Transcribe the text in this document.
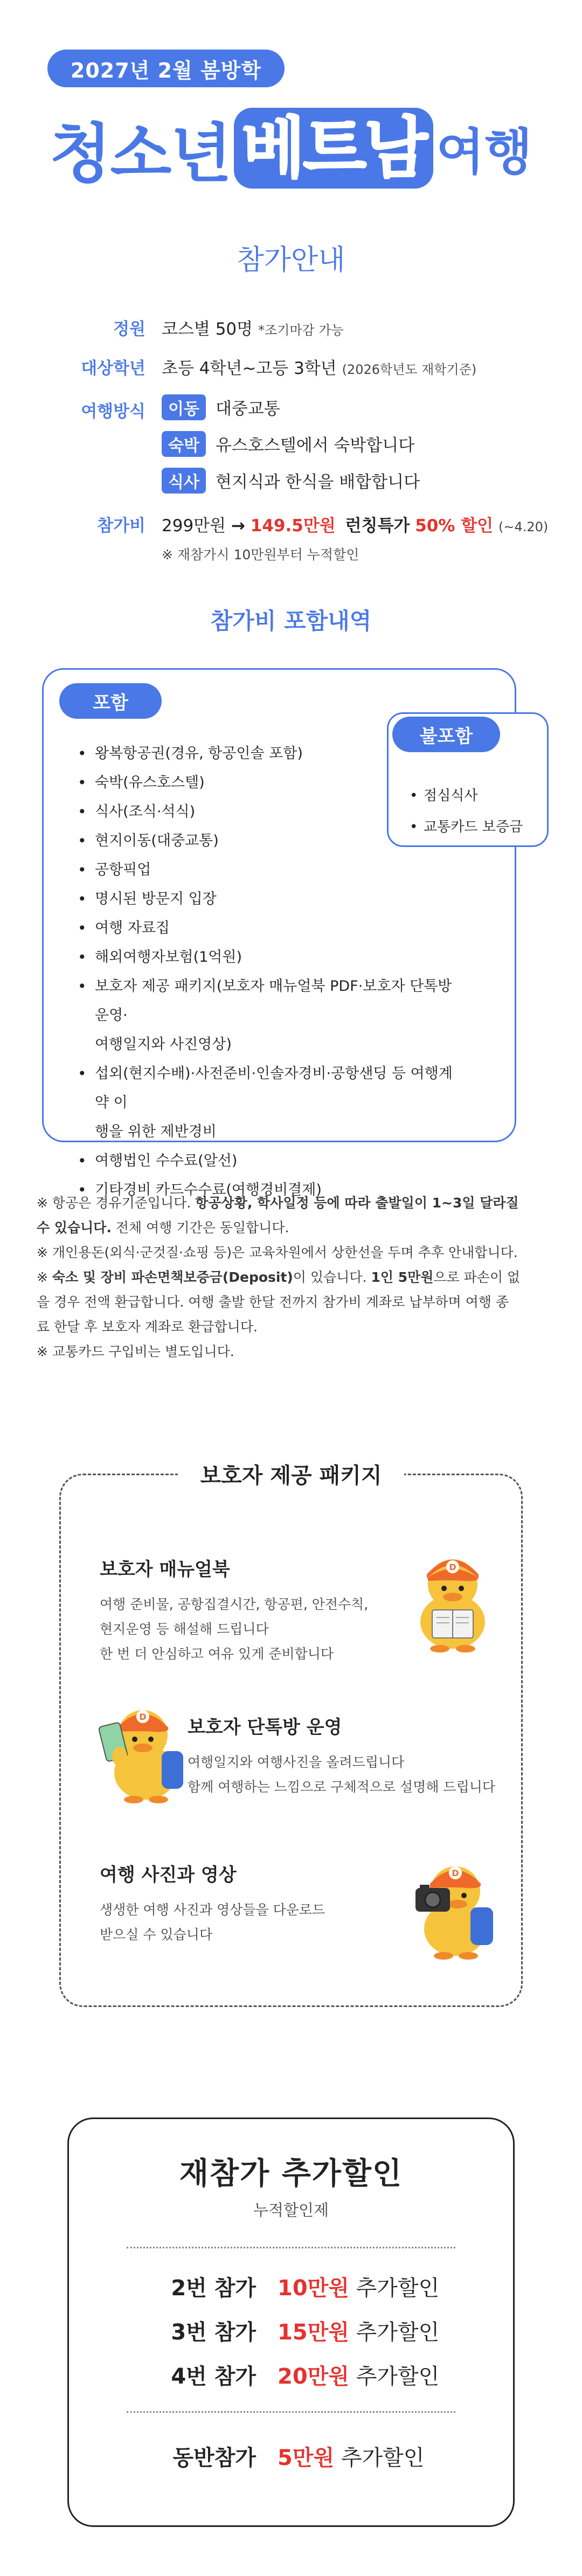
2027년 2월 봄방학
청소년 베트남 여행
참가안내
정원 코스별 50명 *조기마감 가능
대상학년 초등 4학년~고등 3학년 (2026학년도 재학기준)
여행방식	이동 대중교통
숙박 유스호스텔에서 숙박합니다
식사 현지식과 한식을 배합합니다
참가비 299만원 → 149.5만원 런칭특가 50% 할인 (~4.20)
※ 재참가시 10만원부터 누적할인
참가비 포함내역
포함
• 왕복항공권(경유, 항공인솔 포함)
• 숙박(유스호스텔)
• 식사(조식·석식)
• 현지이동(대중교통)
• 공항픽업
• 명시된 방문지 입장
• 여행 자료집
• 해외여행자보험(1억원)
• 보호자 제공 패키지(보호자 매뉴얼북 PDF·보호자 단톡방 운영·
여행일지와 사진영상)
• 섭외(현지수배)·사전준비·인솔자경비·공항샌딩 등 여행계약 이
행을 위한 제반경비
• 여행법인 수수료(알선)
• 기타경비 카드수수료(여행경비결제)
불포함
• 점심식사
• 교통카드 보증금

※ 항공은 경유기준입니다. 항공상황, 학사일정 등에 따라 출발일이 1~3일 달라질

수 있습니다. 전체 여행 기간은 동일합니다.

※ 개인용돈(외식·군것질·쇼핑 등)은 교육차원에서 상한선을 두며 추후 안내합니다.

※ 숙소 및 장비 파손면책보증금(Deposit)이 있습니다. 1인 5만원으로 파손이 없

을 경우 전액 환급합니다. 여행 출발 한달 전까지 참가비 계좌로 납부하며 여행 종

료 한달 후 보호자 계좌로 환급합니다.

※ 교통카드 구입비는 별도입니다.

보호자 제공 패키지
보호자 매뉴얼북
여행 준비물, 공항집결시간, 항공편, 안전수칙,
현지운영 등 해설해 드립니다
한 번 더 안심하고 여유 있게 준비합니다
보호자 단톡방 운영
여행일지와 여행사진을 올려드립니다
함께 여행하는 느낌으로 구체적으로 설명해 드립니다
여행 사진과 영상
생생한 여행 사진과 영상들을 다운로드
받으실 수 있습니다
D
D
D
재참가 추가할인
누적할인제
2번 참가 10만원 추가할인
3번 참가 15만원 추가할인
4번 참가 20만원 추가할인
동반참가 5만원 추가할인
